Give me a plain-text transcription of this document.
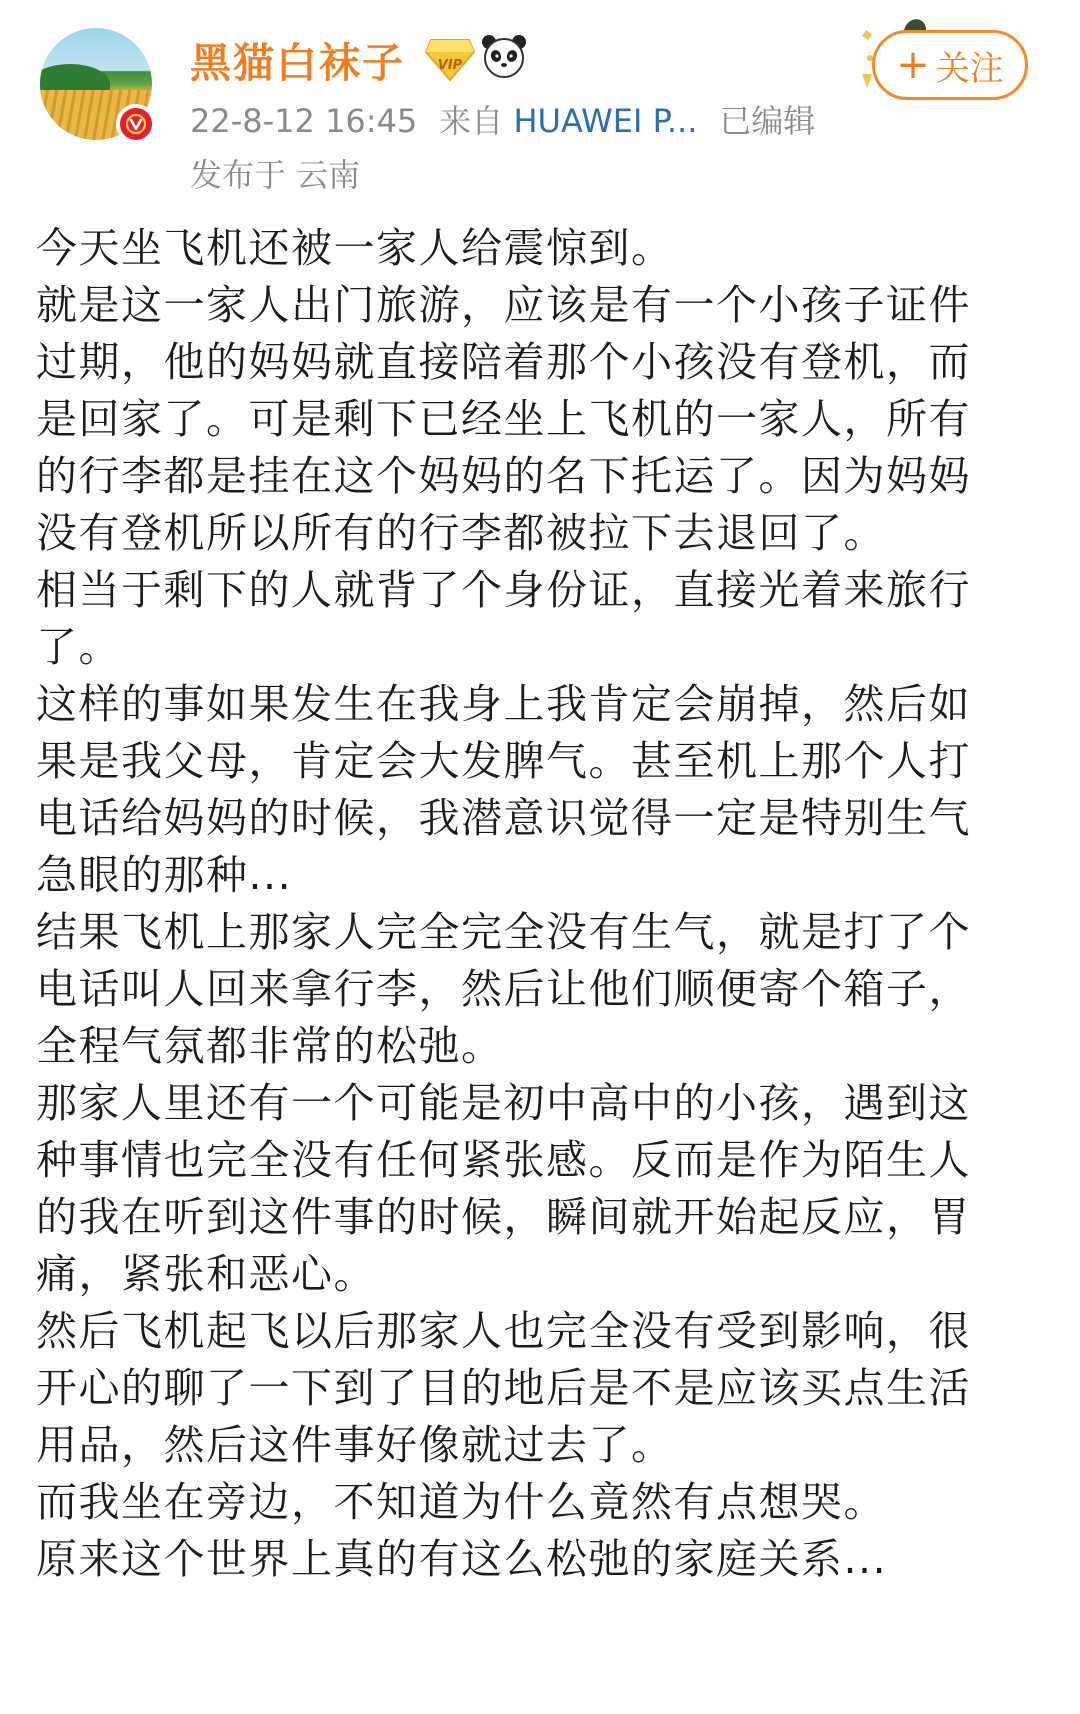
黑猫白袜子	VIP
22-8-12 16:45 来自 HUAWEI P... 已编辑
发布于 云南
+ 关注
今天坐飞机还被一家人给震惊到。
就是这一家人出门旅游，应该是有一个小孩子证件
过期，他的妈妈就直接陪着那个小孩没有登机，而
是回家了。可是剩下已经坐上飞机的一家人，所有
的行李都是挂在这个妈妈的名下托运了。因为妈妈
没有登机所以所有的行李都被拉下去退回了。
相当于剩下的人就背了个身份证，直接光着来旅行
了。
这样的事如果发生在我身上我肯定会崩掉，然后如
果是我父母，肯定会大发脾气。甚至机上那个人打
电话给妈妈的时候，我潜意识觉得一定是特别生气
急眼的那种...
结果飞机上那家人完全完全没有生气，就是打了个
电话叫人回来拿行李，然后让他们顺便寄个箱子，
全程气氛都非常的松弛。
那家人里还有一个可能是初中高中的小孩，遇到这
种事情也完全没有任何紧张感。反而是作为陌生人
的我在听到这件事的时候，瞬间就开始起反应，胃
痛，紧张和恶心。
然后飞机起飞以后那家人也完全没有受到影响，很
开心的聊了一下到了目的地后是不是应该买点生活
用品，然后这件事好像就过去了。
而我坐在旁边，不知道为什么竟然有点想哭。
原来这个世界上真的有这么松弛的家庭关系...
